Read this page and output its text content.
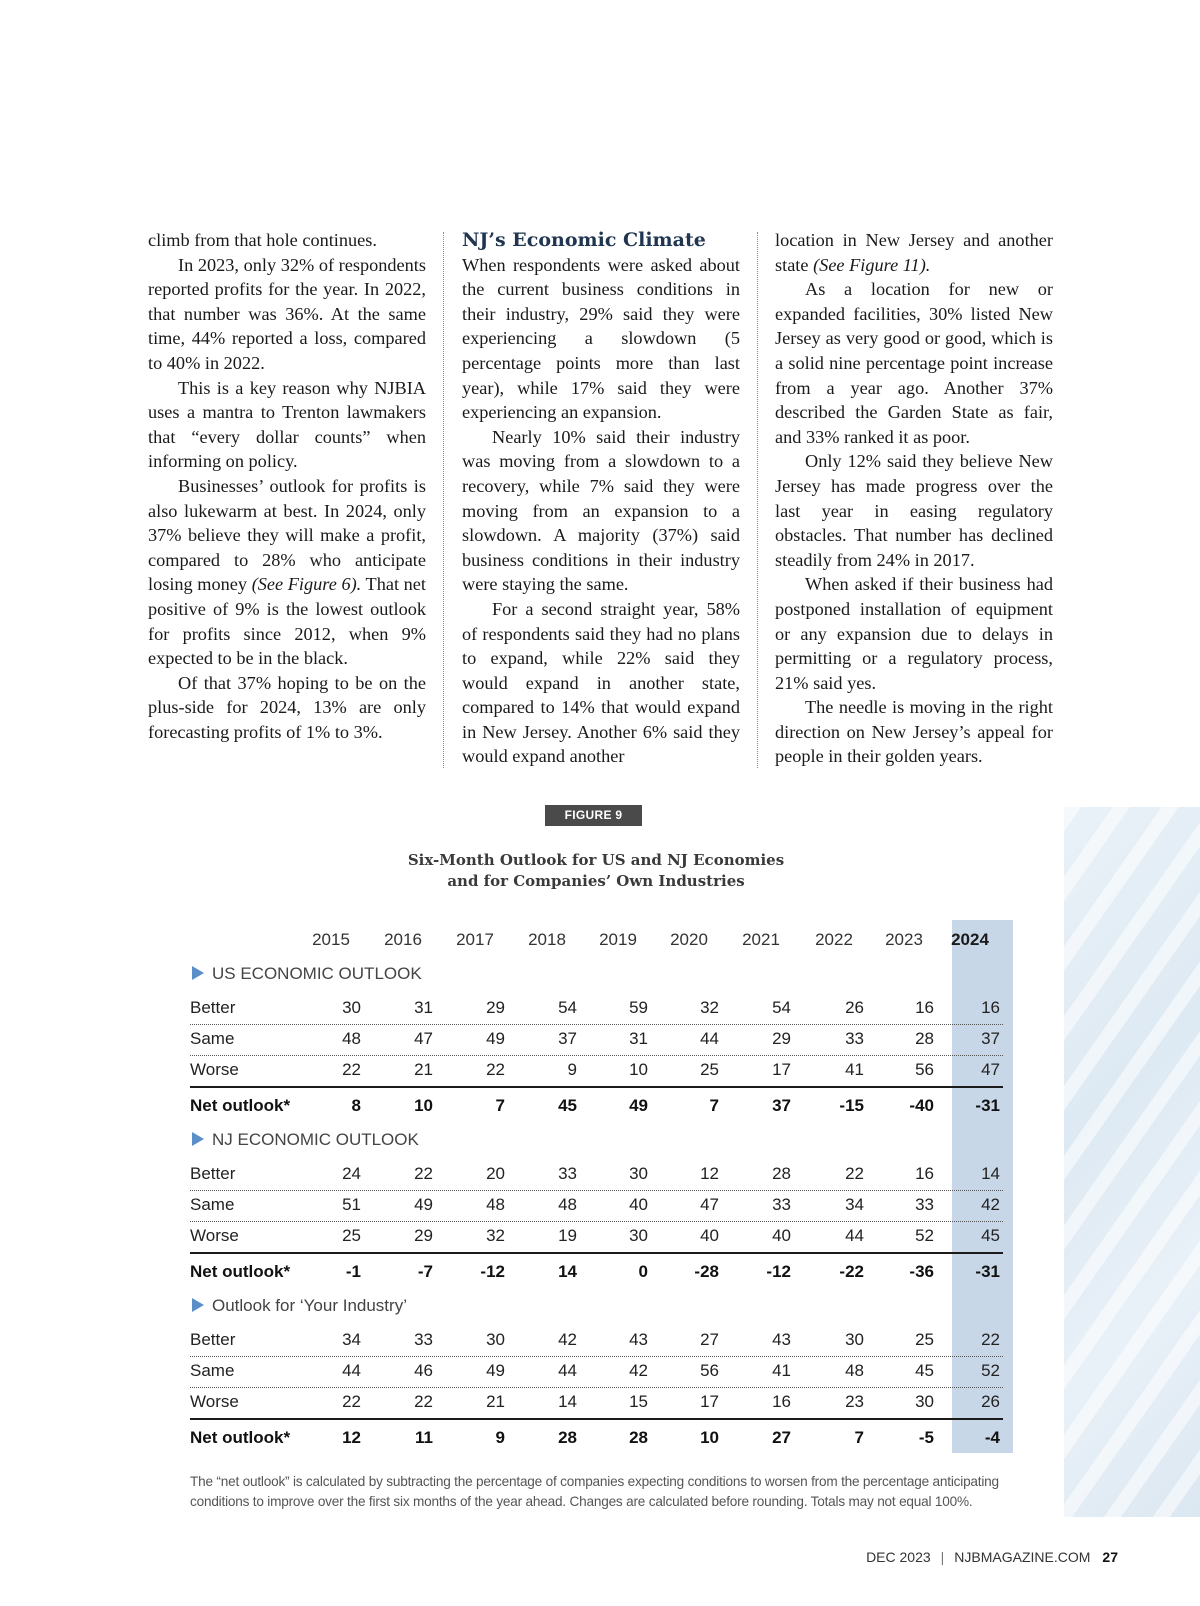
climb from that hole continues.

In 2023, only 32% of respondents reported profits for the year. In 2022, that number was 36%. At the same time, 44% reported a loss, compared to 40% in 2022.

This is a key reason why NJBIA uses a mantra to Trenton lawmakers that “every dollar counts” when informing on policy.

Businesses’ outlook for profits is also lukewarm at best. In 2024, only 37% believe they will make a profit, compared to 28% who anticipate losing money (See Figure 6). That net positive of 9% is the lowest outlook for profits since 2012, when 9% expected to be in the black.

Of that 37% hoping to be on the plus-side for 2024, 13% are only forecasting profits of 1% to 3%.

NJ’s Economic Climate

When respondents were asked about the current business conditions in their industry, 29% said they were experiencing a slowdown (5 percentage points more than last year), while 17% said they were experiencing an expansion.

Nearly 10% said their industry was moving from a slowdown to a recovery, while 7% said they were moving from an expansion to a slowdown. A majority (37%) said business conditions in their industry were staying the same.

For a second straight year, 58% of respondents said they had no plans to expand, while 22% said they would expand in another state, compared to 14% that would expand in New Jersey. Another 6% said they would expand another

location in New Jersey and another state (See Figure 11).

As a location for new or expanded facilities, 30% listed New Jersey as very good or good, which is a solid nine percentage point increase from a year ago. Another 37% described the Garden State as fair, and 33% ranked it as poor.

Only 12% said they believe New Jersey has made progress over the last year in easing regulatory obstacles. That number has declined steadily from 24% in 2017.

When asked if their business had postponed installation of equipment or any expansion due to delays in permitting or a regulatory process, 21% said yes.

The needle is moving in the right direction on New Jersey’s appeal for people in their golden years.

FIGURE 9
Six-Month Outlook for US and NJ Economies
and for Companies’ Own Industries
2015	2016	2017	2018	2019	2020	2021	2022	2023	2024
US ECONOMIC OUTLOOK
Better	30	31	29	54	59	32	54	26	16	16
Same	48	47	49	37	31	44	29	33	28	37
Worse	22	21	22	9	10	25	17	41	56	47
Net outlook*	8	10	7	45	49	7	37	-15	-40	-31
NJ ECONOMIC OUTLOOK
Better	24	22	20	33	30	12	28	22	16	14
Same	51	49	48	48	40	47	33	34	33	42
Worse	25	29	32	19	30	40	40	44	52	45
Net outlook*	-1	-7	-12	14	0	-28	-12	-22	-36	-31
Outlook for ‘Your Industry’
Better	34	33	30	42	43	27	43	30	25	22
Same	44	46	49	44	42	56	41	48	45	52
Worse	22	22	21	14	15	17	16	23	30	26
Net outlook*	12	11	9	28	28	10	27	7	-5	-4
The “net outlook” is calculated by subtracting the percentage of companies expecting conditions to worsen from the percentage anticipating conditions to improve over the first six months of the year ahead. Changes are calculated before rounding. Totals may not equal 100%.
DEC 2023 | NJBMAGAZINE.COM 27
